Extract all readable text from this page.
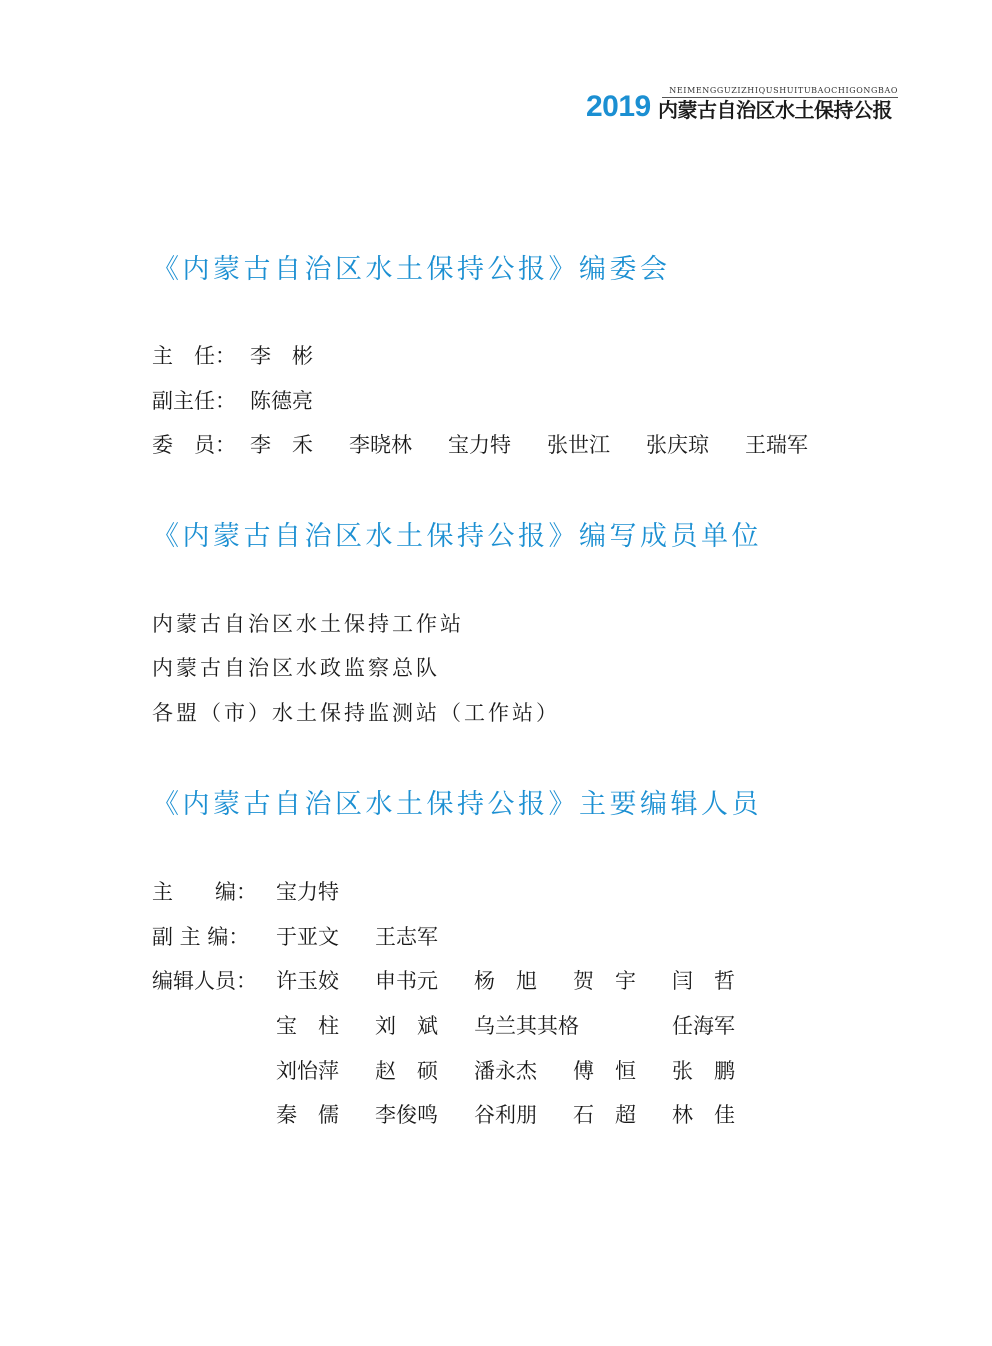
NEIMENGGUZIZHIQUSHUITUBAOCHIGONGBAO
2019 内蒙古自治区水土保持公报
《内蒙古自治区水土保持公报》编委会
主　任： 李　彬
副主任： 陈德亮
委　员： 李　禾 李晓林 宝力特 张世江 张庆琼 王瑞军
《内蒙古自治区水土保持公报》编写成员单位
内蒙古自治区水土保持工作站
内蒙古自治区水政监察总队
各盟（市）水土保持监测站（工作站）
《内蒙古自治区水土保持公报》主要编辑人员
主　　编： 宝力特
副 主 编： 于亚文 王志军
编辑人员： 许玉姣 申书元 杨　旭 贺　宇 闫　哲
宝　柱 刘　斌 乌兰其其格	任海军
刘怡萍 赵　硕 潘永杰 傅　恒 张　鹏
秦　儒 李俊鸣 谷利朋 石　超 林　佳
